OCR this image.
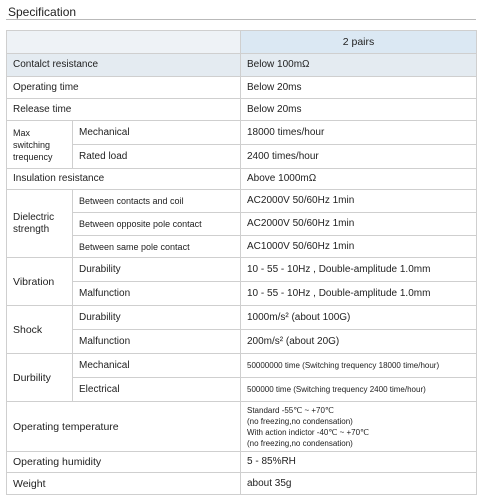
Specification
		2 pairs
Contalct resistance		Below 100mΩ
Operating time		Below 20ms
Release time		Below 20ms
Max switching trequency	Mechanical	18000 times/hour
	Rated load	2400 times/hour
Insulation resistance		Above 1000mΩ
Dielectric strength	Between contacts and coil	AC2000V 50/60Hz 1min
	Between opposite pole contact	AC2000V 50/60Hz 1min
	Between same pole contact	AC1000V 50/60Hz 1min
Vibration	Durability	10 - 55 - 10Hz , Double-amplitude 1.0mm
	Malfunction	10 - 55 - 10Hz , Double-amplitude 1.0mm
Shock	Durability	1000m/s² (about 100G)
	Malfunction	200m/s² (about 20G)
Durbility	Mechanical	50000000 time (Switching trequency 18000 time/hour)
	Electrical	500000 time (Switching trequency 2400 time/hour)
Operating temperature		Standard -55℃ ~ +70℃
(no freezing,no condensation)
With action indictor -40℃ ~ +70℃
(no freezing,no condensation)

Operating humidity		5 - 85%RH
Weight		about 35g
